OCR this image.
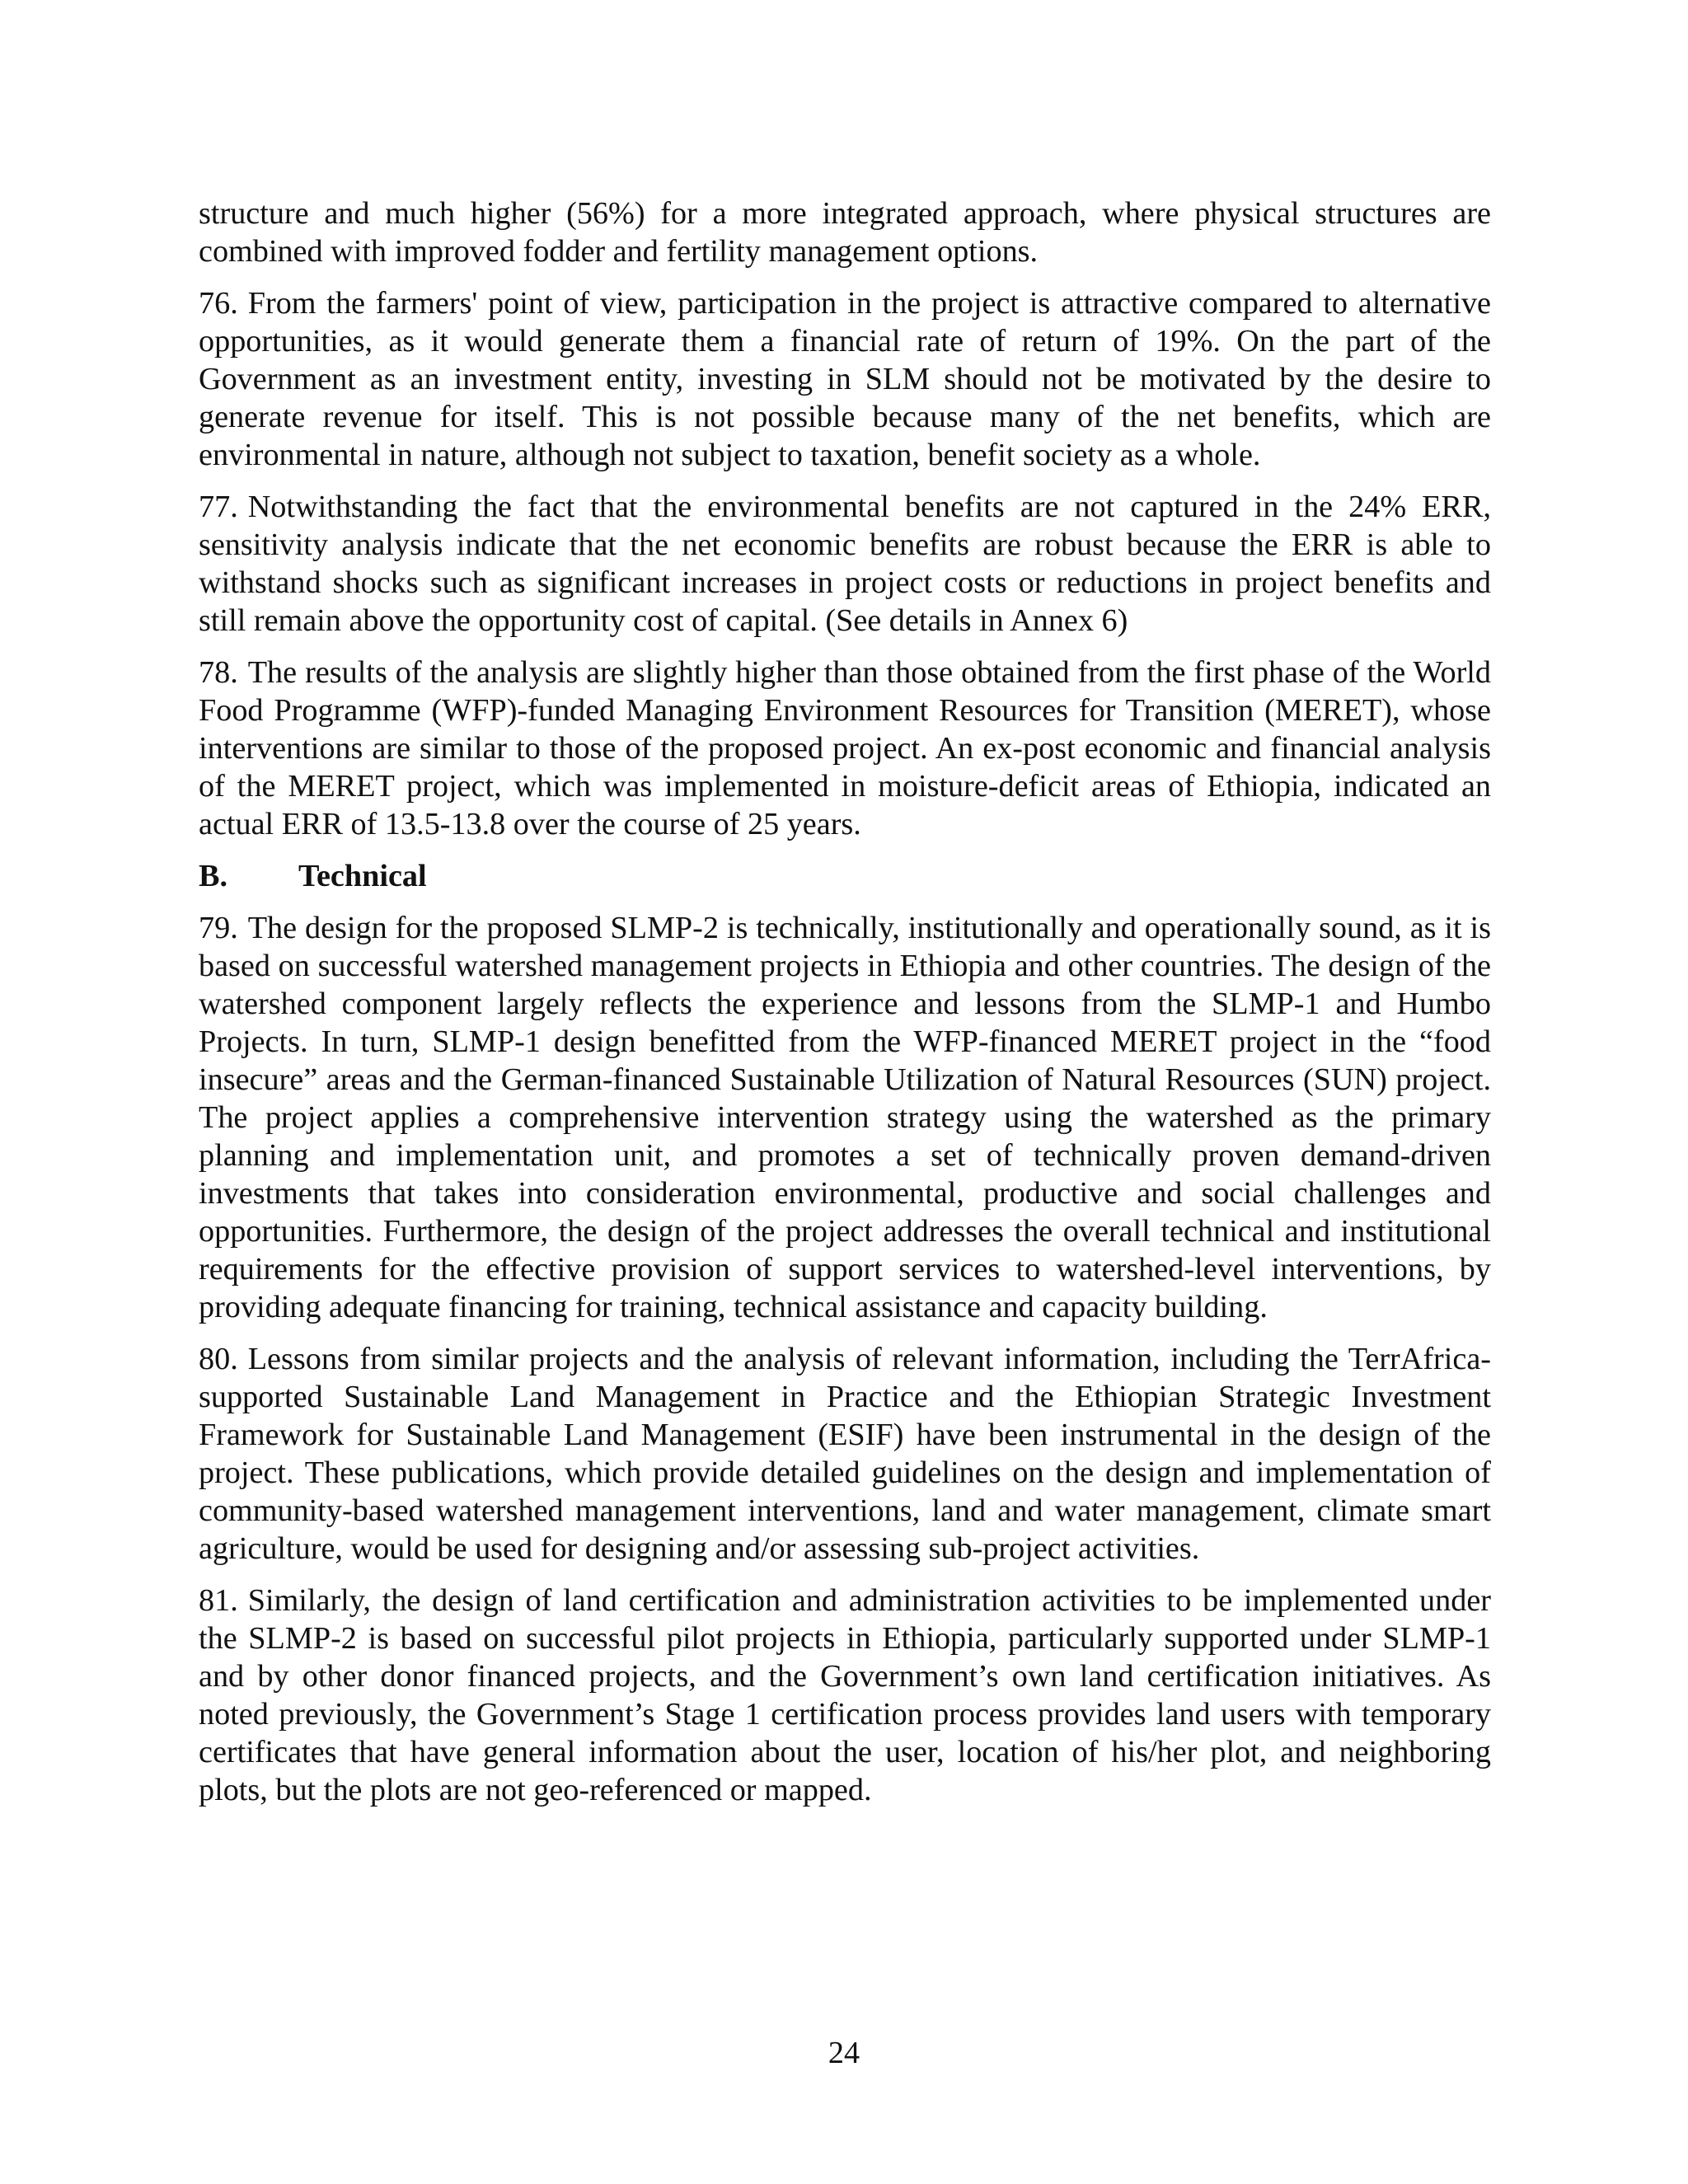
structure and much higher (56%) for a more integrated approach, where physical structures are combined with improved fodder and fertility management options.

76. From the farmers' point of view, participation in the project is attractive compared to alternative opportunities, as it would generate them a financial rate of return of 19%. On the part of the Government as an investment entity, investing in SLM should not be motivated by the desire to generate revenue for itself. This is not possible because many of the net benefits, which are environmental in nature, although not subject to taxation, benefit society as a whole.

77. Notwithstanding the fact that the environmental benefits are not captured in the 24% ERR, sensitivity analysis indicate that the net economic benefits are robust because the ERR is able to withstand shocks such as significant increases in project costs or reductions in project benefits and still remain above the opportunity cost of capital. (See details in Annex 6)

78. The results of the analysis are slightly higher than those obtained from the first phase of the World Food Programme (WFP)-funded Managing Environment Resources for Transition (MERET), whose interventions are similar to those of the proposed project. An ex-post economic and financial analysis of the MERET project, which was implemented in moisture-deficit areas of Ethiopia, indicated an actual ERR of 13.5-13.8 over the course of 25 years.

B.	Technical

79. The design for the proposed SLMP-2 is technically, institutionally and operationally sound, as it is based on successful watershed management projects in Ethiopia and other countries. The design of the watershed component largely reflects the experience and lessons from the SLMP-1 and Humbo Projects. In turn, SLMP-1 design benefitted from the WFP-financed MERET project in the “food insecure” areas and the German-financed Sustainable Utilization of Natural Resources (SUN) project. The project applies a comprehensive intervention strategy using the watershed as the primary planning and implementation unit, and promotes a set of technically proven demand-driven investments that takes into consideration environmental, productive and social challenges and opportunities. Furthermore, the design of the project addresses the overall technical and institutional requirements for the effective provision of support services to watershed-level interventions, by providing adequate financing for training, technical assistance and capacity building.

80. Lessons from similar projects and the analysis of relevant information, including the TerrAfrica-supported Sustainable Land Management in Practice and the Ethiopian Strategic Investment Framework for Sustainable Land Management (ESIF) have been instrumental in the design of the project. These publications, which provide detailed guidelines on the design and implementation of community-based watershed management interventions, land and water management, climate smart agriculture, would be used for designing and/or assessing sub-project activities.

81. Similarly, the design of land certification and administration activities to be implemented under the SLMP-2 is based on successful pilot projects in Ethiopia, particularly supported under SLMP-1 and by other donor financed projects, and the Government’s own land certification initiatives. As noted previously, the Government’s Stage 1 certification process provides land users with temporary certificates that have general information about the user, location of his/her plot, and neighboring plots, but the plots are not geo-referenced or mapped.

24
